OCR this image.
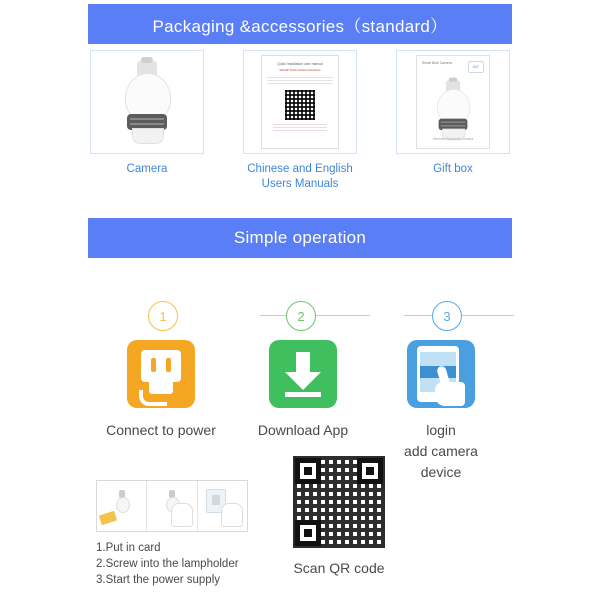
Packaging &accessories（standard）
Camera
Quick Installation user manual
WiFi/AP Smart Camera Instructions
Chinese and English Users Manuals
Smart Bulb Camera
360°
Wireless Panoramic Camera
Gift box
Simple operation
1	2	3
Connect to power	Download App	login
add camera
device
1.Put in card
2.Screw into the lampholder
3.Start the power supply
Scan QR code
